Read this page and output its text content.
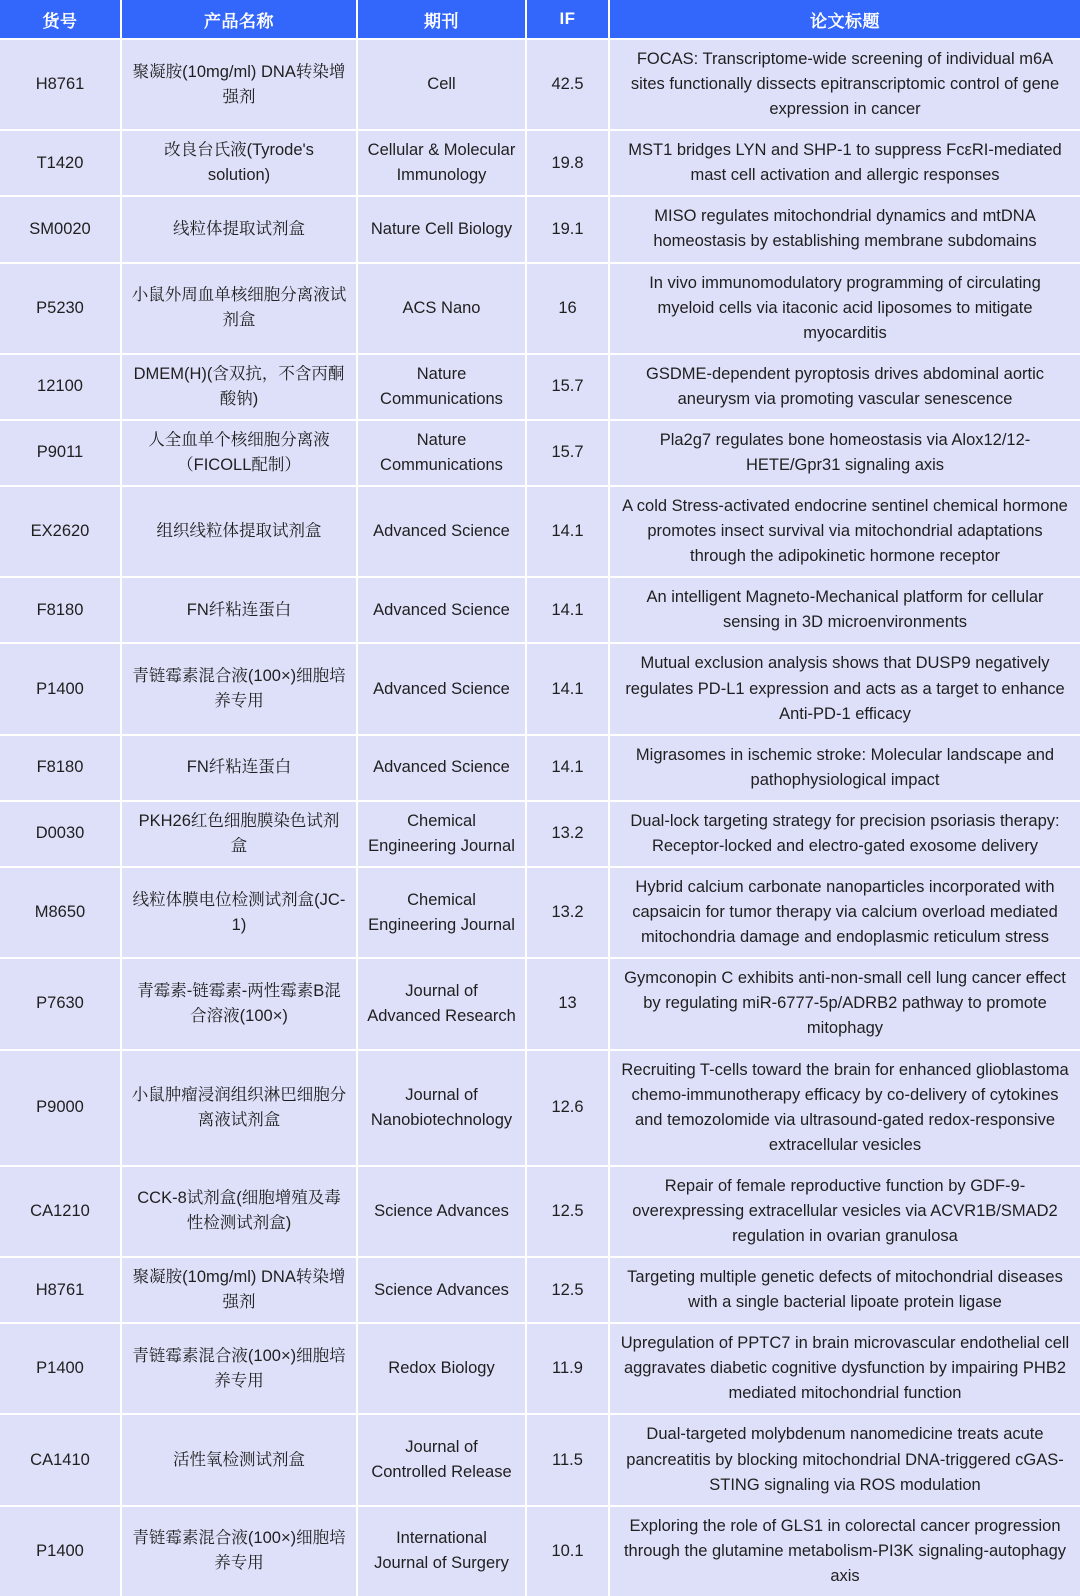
货号	产品名称	期刊	IF	论文标题
H8761	聚凝胺(10mg/ml) DNA转染增强剂	Cell	42.5	FOCAS: Transcriptome-wide screening of individual m6A sites functionally dissects epitranscriptomic control of gene expression in cancer
T1420	改良台氏液(Tyrode's solution)	Cellular & Molecular Immunology	19.8	MST1 bridges LYN and SHP-1 to suppress FcεRI-mediated mast cell activation and allergic responses
SM0020	线粒体提取试剂盒	Nature Cell Biology	19.1	MISO regulates mitochondrial dynamics and mtDNA homeostasis by establishing membrane subdomains
P5230	小鼠外周血单核细胞分离液试剂盒	ACS Nano	16	In vivo immunomodulatory programming of circulating myeloid cells via itaconic acid liposomes to mitigate myocarditis
12100	DMEM(H)(含双抗，不含丙酮酸钠)	Nature Communications	15.7	GSDME-dependent pyroptosis drives abdominal aortic aneurysm via promoting vascular senescence
P9011	人全血单个核细胞分离液（FICOLL配制）	Nature Communications	15.7	Pla2g7 regulates bone homeostasis via Alox12/12-HETE/Gpr31 signaling axis
EX2620	组织线粒体提取试剂盒	Advanced Science	14.1	A cold Stress-activated endocrine sentinel chemical hormone promotes insect survival via mitochondrial adaptations through the adipokinetic hormone receptor
F8180	FN纤粘连蛋白	Advanced Science	14.1	An intelligent Magneto-Mechanical platform for cellular sensing in 3D microenvironments
P1400	青链霉素混合液(100×)细胞培养专用	Advanced Science	14.1	Mutual exclusion analysis shows that DUSP9 negatively regulates PD-L1 expression and acts as a target to enhance Anti-PD-1 efficacy
F8180	FN纤粘连蛋白	Advanced Science	14.1	Migrasomes in ischemic stroke: Molecular landscape and pathophysiological impact
D0030	PKH26红色细胞膜染色试剂盒	Chemical Engineering Journal	13.2	Dual-lock targeting strategy for precision psoriasis therapy: Receptor-locked and electro-gated exosome delivery
M8650	线粒体膜电位检测试剂盒(JC-1)	Chemical Engineering Journal	13.2	Hybrid calcium carbonate nanoparticles incorporated with capsaicin for tumor therapy via calcium overload mediated mitochondria damage and endoplasmic reticulum stress
P7630	青霉素-链霉素-两性霉素B混合溶液(100×)	Journal of Advanced Research	13	Gymconopin C exhibits anti-non-small cell lung cancer effect by regulating miR-6777-5p/ADRB2 pathway to promote mitophagy
P9000	小鼠肿瘤浸润组织淋巴细胞分离液试剂盒	Journal of Nanobiotechnology	12.6	Recruiting T-cells toward the brain for enhanced glioblastoma chemo-immunotherapy efficacy by co-delivery of cytokines and temozolomide via ultrasound-gated redox-responsive extracellular vesicles
CA1210	CCK-8试剂盒(细胞增殖及毒性检测试剂盒)	Science Advances	12.5	Repair of female reproductive function by GDF-9-overexpressing extracellular vesicles via ACVR1B/SMAD2 regulation in ovarian granulosa
H8761	聚凝胺(10mg/ml) DNA转染增强剂	Science Advances	12.5	Targeting multiple genetic defects of mitochondrial diseases with a single bacterial lipoate protein ligase
P1400	青链霉素混合液(100×)细胞培养专用	Redox Biology	11.9	Upregulation of PPTC7 in brain microvascular endothelial cell aggravates diabetic cognitive dysfunction by impairing PHB2 mediated mitochondrial function
CA1410	活性氧检测试剂盒	Journal of Controlled Release	11.5	Dual-targeted molybdenum nanomedicine treats acute pancreatitis by blocking mitochondrial DNA-triggered cGAS-STING signaling via ROS modulation
P1400	青链霉素混合液(100×)细胞培养专用	International Journal of Surgery	10.1	Exploring the role of GLS1 in colorectal cancer progression through the glutamine metabolism-PI3K signaling-autophagy axis
